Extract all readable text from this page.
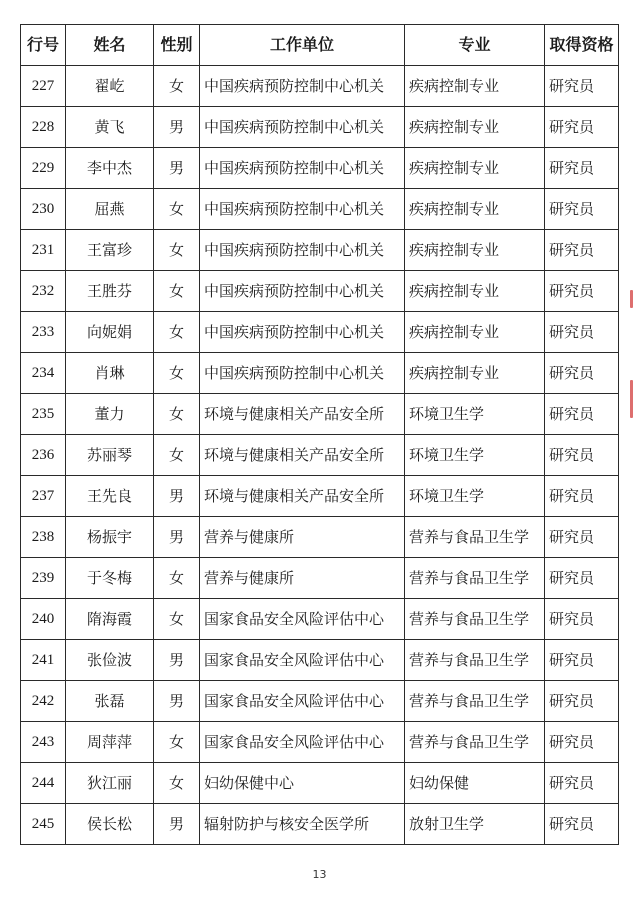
行号	姓名	性别	工作单位	专业	取得资格
227	翟屹	女	中国疾病预防控制中心机关	疾病控制专业	研究员
228	黄飞	男	中国疾病预防控制中心机关	疾病控制专业	研究员
229	李中杰	男	中国疾病预防控制中心机关	疾病控制专业	研究员
230	屈燕	女	中国疾病预防控制中心机关	疾病控制专业	研究员
231	王富珍	女	中国疾病预防控制中心机关	疾病控制专业	研究员
232	王胜芬	女	中国疾病预防控制中心机关	疾病控制专业	研究员
233	向妮娟	女	中国疾病预防控制中心机关	疾病控制专业	研究员
234	肖琳	女	中国疾病预防控制中心机关	疾病控制专业	研究员
235	董力	女	环境与健康相关产品安全所	环境卫生学	研究员
236	苏丽琴	女	环境与健康相关产品安全所	环境卫生学	研究员
237	王先良	男	环境与健康相关产品安全所	环境卫生学	研究员
238	杨振宇	男	营养与健康所	营养与食品卫生学	研究员
239	于冬梅	女	营养与健康所	营养与食品卫生学	研究员
240	隋海霞	女	国家食品安全风险评估中心	营养与食品卫生学	研究员
241	张俭波	男	国家食品安全风险评估中心	营养与食品卫生学	研究员
242	张磊	男	国家食品安全风险评估中心	营养与食品卫生学	研究员
243	周萍萍	女	国家食品安全风险评估中心	营养与食品卫生学	研究员
244	狄江丽	女	妇幼保健中心	妇幼保健	研究员
245	侯长松	男	辐射防护与核安全医学所	放射卫生学	研究员
13
